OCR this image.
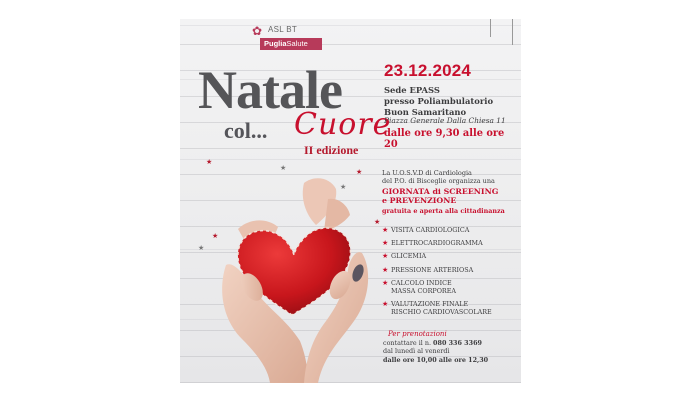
★
★
★
★
★
★
★
✿ ASL BT
PugliaSalute
Natale
col... Cuore
II edizione
23.12.2024
Sede EPASS
presso Poliambulatorio
Buon Samaritano
Piazza Generale Dalla Chiesa 11
dalle ore 9,30 alle ore 20
La U.O.S.V.D di Cardiologia
del P.O. di Bisceglie organizza una
GIORNATA di SCREENING
e PREVENZIONE
gratuita e aperta alla cittadinanza
★ VISITA CARDIOLOGICA
★ ELETTROCARDIOGRAMMA
★ GLICEMIA
★ PRESSIONE ARTERIOSA
★ CALCOLO INDICE
MASSA CORPOREA
★ VALUTAZIONE FINALE
RISCHIO CARDIOVASCOLARE
Per prenotazioni
contattare il n. 080 336 3369
dal lunedì al venerdì
dalle ore 10,00 alle ore 12,30
